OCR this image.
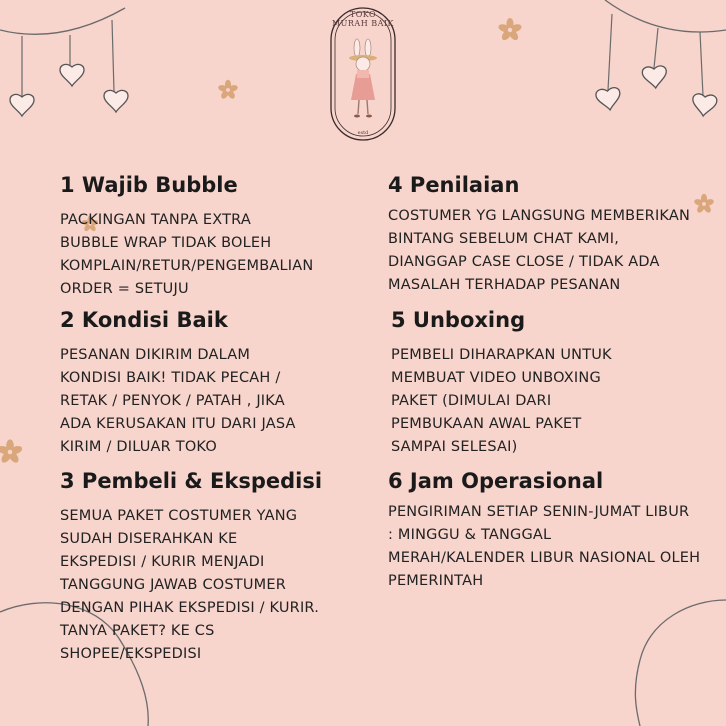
TOKO MURAH BAIK
estd
1 Wajib Bubble
PACKINGAN TANPA EXTRA
BUBBLE WRAP TIDAK BOLEH
KOMPLAIN/RETUR/PENGEMBALIAN
ORDER = SETUJU
2 Kondisi Baik
PESANAN DIKIRIM DALAM
KONDISI BAIK! TIDAK PECAH /
RETAK / PENYOK / PATAH , JIKA
ADA KERUSAKAN ITU DARI JASA
KIRIM / DILUAR TOKO
3 Pembeli & Ekspedisi
SEMUA PAKET COSTUMER YANG
SUDAH DISERAHKAN KE
EKSPEDISI / KURIR MENJADI
TANGGUNG JAWAB COSTUMER
DENGAN PIHAK EKSPEDISI / KURIR.
TANYA PAKET? KE CS
SHOPEE/EKSPEDISI
4 Penilaian
COSTUMER YG LANGSUNG MEMBERIKAN
BINTANG SEBELUM CHAT KAMI,
DIANGGAP CASE CLOSE / TIDAK ADA
MASALAH TERHADAP PESANAN
5 Unboxing
PEMBELI DIHARAPKAN UNTUK
MEMBUAT VIDEO UNBOXING
PAKET (DIMULAI DARI
PEMBUKAAN AWAL PAKET
SAMPAI SELESAI)
6 Jam Operasional
PENGIRIMAN SETIAP SENIN-JUMAT LIBUR
: MINGGU & TANGGAL
MERAH/KALENDER LIBUR NASIONAL OLEH
PEMERINTAH
